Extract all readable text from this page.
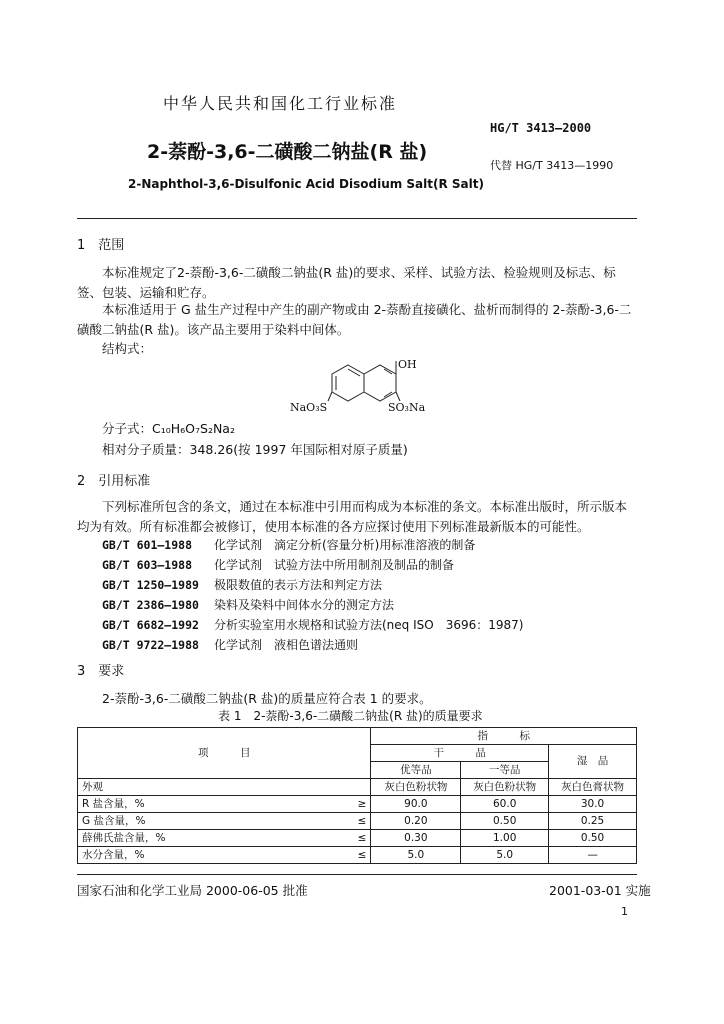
中华人民共和国化工行业标准
HG/T 3413—2000
2-萘酚-3,6-二磺酸二钠盐(R 盐)
代替 HG/T 3413—1990
2-Naphthol-3,6-Disulfonic Acid Disodium Salt(R Salt)
1　范围

本标准规定了2-萘酚-3,6-二磺酸二钠盐(R 盐)的要求、采样、试验方法、检验规则及标志、标签、包装、运输和贮存。

本标准适用于 G 盐生产过程中产生的副产物或由 2-萘酚直接磺化、盐析而制得的 2-萘酚-3,6-二磺酸二钠盐(R 盐)。该产品主要用于染料中间体。

结构式：
OH
NaO₃S	SO₃Na
分子式：C₁₀H₆O₇S₂Na₂
相对分子质量：348.26(按 1997 年国际相对原子质量)
2　引用标准

下列标准所包含的条文，通过在本标准中引用而构成为本标准的条文。本标准出版时，所示版本均为有效。所有标准都会被修订，使用本标准的各方应探讨使用下列标准最新版本的可能性。

GB/T 601—1988 化学试剂　滴定分析(容量分析)用标准溶液的制备
GB/T 603—1988 化学试剂　试验方法中所用制剂及制品的制备
GB/T 1250—1989 极限数值的表示方法和判定方法
GB/T 2386—1980 染料及染料中间体水分的测定方法
GB/T 6682—1992 分析实验室用水规格和试验方法(neq ISO　3696：1987)
GB/T 9722—1988 化学试剂　液相色谱法通则
3　要求
2-萘酚-3,6-二磺酸二钠盐(R 盐)的质量应符合表 1 的要求。
表 1　2-萘酚-3,6-二磺酸二钠盐(R 盐)的质量要求
项　　　目	指　　　标		
	干　　　品		湿　品
	优等品	一等品	
外观	灰白色粉状物	灰白色粉状物	灰白色膏状物
R 盐含量，% ≥	90.0	60.0	30.0
G 盐含量，% ≤	0.20	0.50	0.25
薛佛氏盐含量，% ≤	0.30	1.00	0.50
水分含量，% ≤	5.0	5.0	—
国家石油和化学工业局 2000-06-05 批准	2001-03-01 实施
1
